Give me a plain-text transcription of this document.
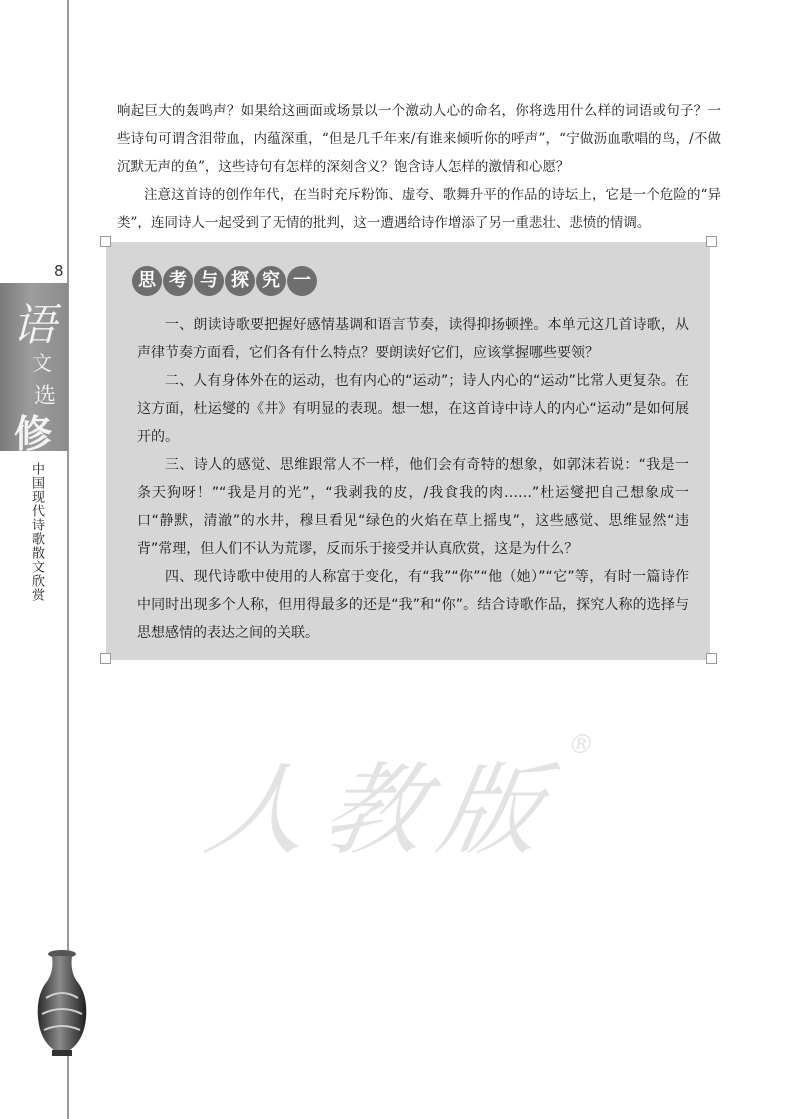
8
语
文
选
修
中国现代诗歌散文欣赏

响起巨大的轰鸣声？如果给这画面或场景以一个激动人心的命名，你将选用什么样的词语或句子？一些诗句可谓含泪带血，内蕴深重，“但是几千年来/有谁来倾听你的呼声”，“宁做沥血歌唱的鸟，/不做沉默无声的鱼”，这些诗句有怎样的深刻含义？饱含诗人怎样的激情和心愿？

注意这首诗的创作年代，在当时充斥粉饰、虚夸、歌舞升平的作品的诗坛上，它是一个危险的“异类”，连同诗人一起受到了无情的批判，这一遭遇给诗作增添了另一重悲壮、悲愤的情调。

思 考 与 探 究 一

一、朗读诗歌要把握好感情基调和语言节奏，读得抑扬顿挫。本单元这几首诗歌，从声律节奏方面看，它们各有什么特点？要朗读好它们，应该掌握哪些要领？

二、人有身体外在的运动，也有内心的“运动”；诗人内心的“运动”比常人更复杂。在这方面，杜运燮的《井》有明显的表现。想一想，在这首诗中诗人的内心“运动”是如何展开的。

三、诗人的感觉、思维跟常人不一样，他们会有奇特的想象，如郭沫若说：“我是一条天狗呀！”“我是月的光”，“我剥我的皮，/我食我的肉……”杜运燮把自己想象成一口“静默，清澈”的水井，穆旦看见“绿色的火焰在草上摇曳”，这些感觉、思维显然“违背”常理，但人们不认为荒谬，反而乐于接受并认真欣赏，这是为什么？

四、现代诗歌中使用的人称富于变化，有“我”“你”“他（她）”“它”等，有时一篇诗作中同时出现多个人称，但用得最多的还是“我”和“你”。结合诗歌作品，探究人称的选择与思想感情的表达之间的关联。

人教版®
